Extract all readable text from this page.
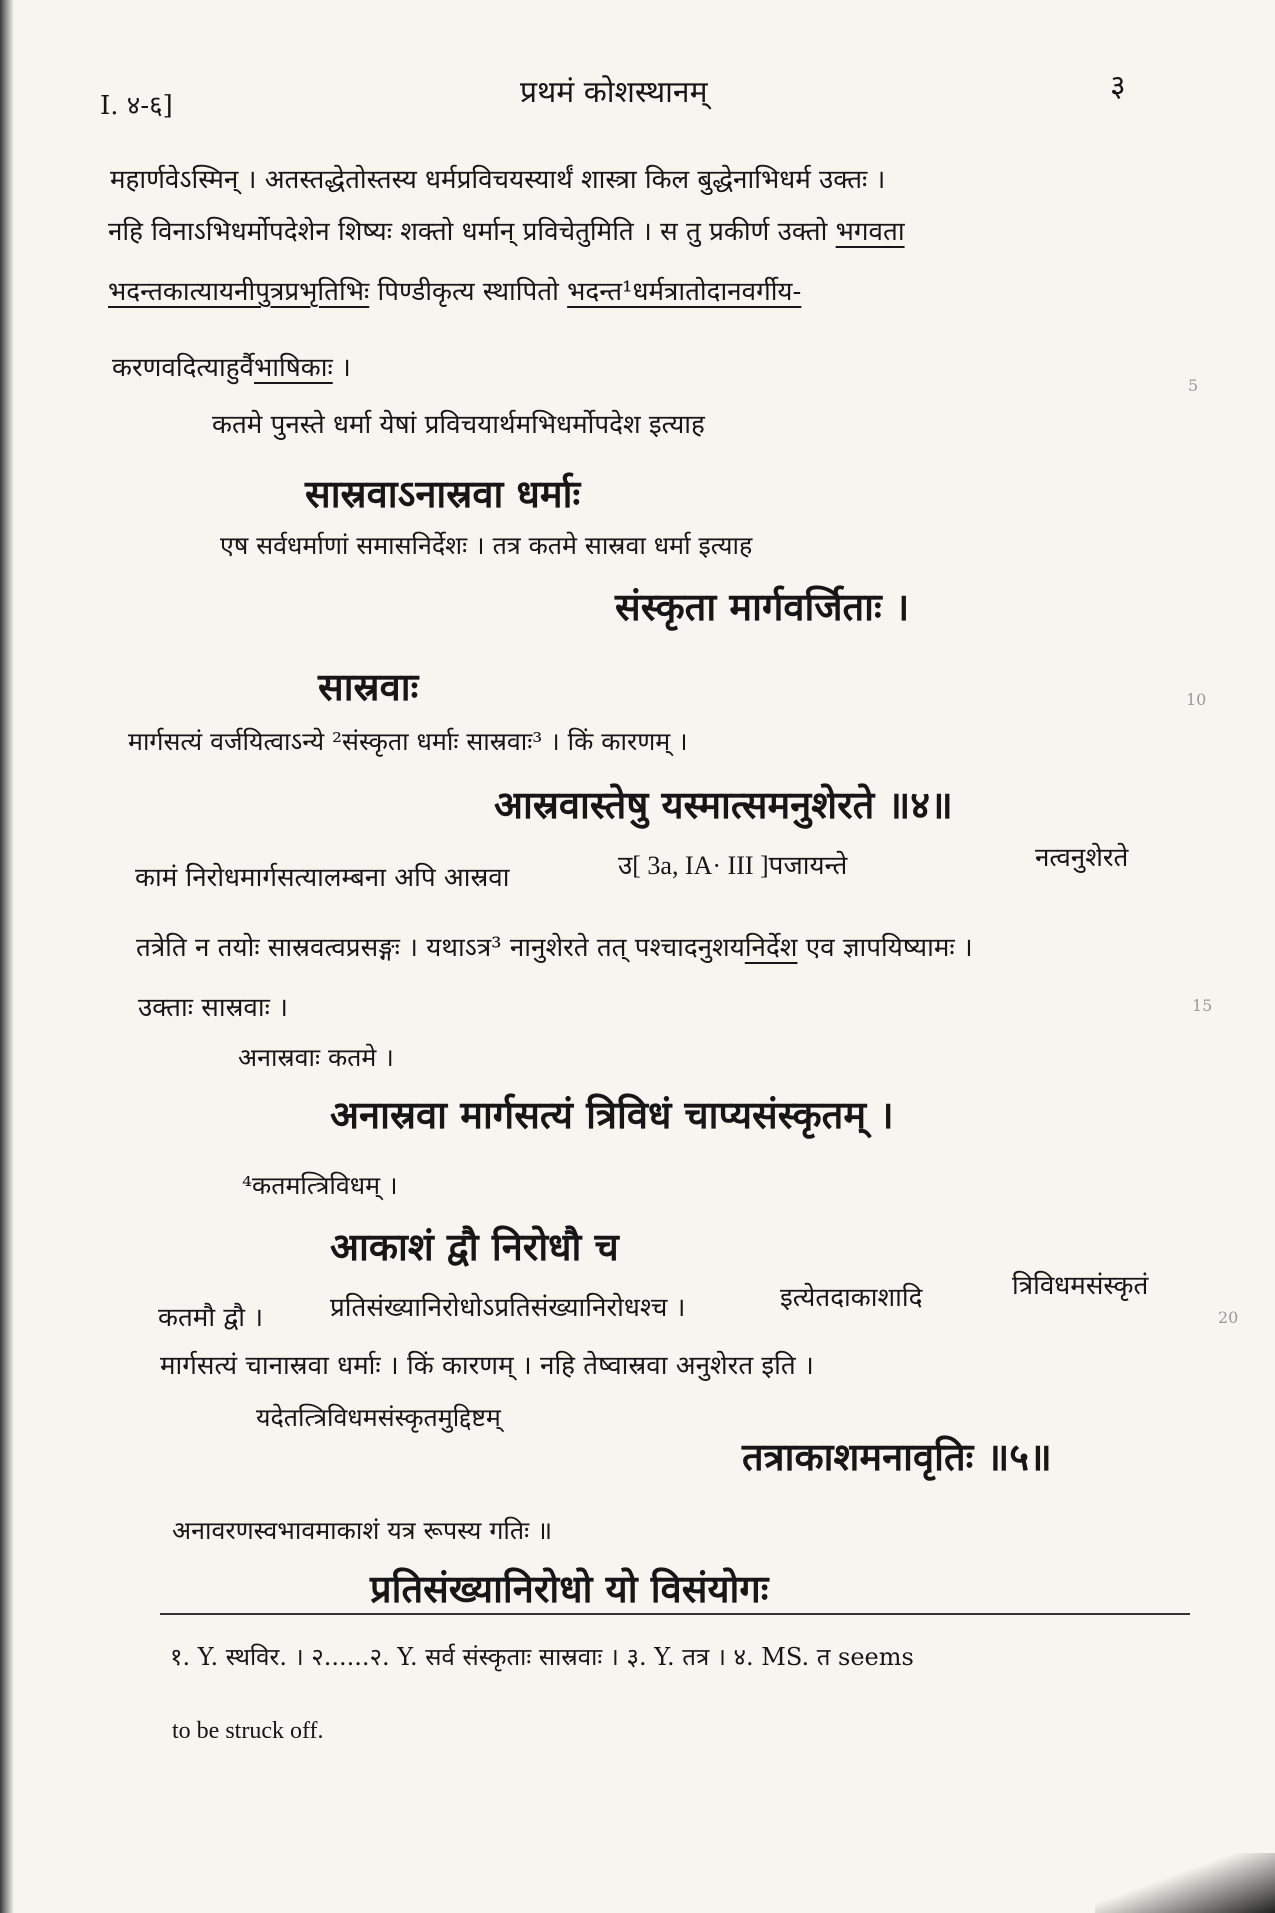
I. ४-६]	प्रथमं कोशस्थानम्	३
महार्णवेऽस्मिन् । अतस्तद्धेतोस्तस्य धर्मप्रविचयस्यार्थं शास्त्रा किल बुद्धेनाभिधर्म उक्तः ।
नहि विनाऽभिधर्मोपदेशेन शिष्यः शक्तो धर्मान् प्रविचेतुमिति । स तु प्रकीर्ण उक्तो भगवता
भदन्तकात्यायनीपुत्रप्रभृतिभिः पिण्डीकृत्य स्थापितो भदन्त¹धर्मत्रातोदानवर्गीय-
करणवदित्याहुर्वैभाषिकाः ।
कतमे पुनस्ते धर्मा येषां प्रविचयार्थमभिधर्मोपदेश इत्याह
सास्रवाऽनास्रवा धर्माः
एष सर्वधर्माणां समासनिर्देशः । तत्र कतमे सास्रवा धर्मा इत्याह
संस्कृता मार्गवर्जिताः ।
सास्रवाः
मार्गसत्यं वर्जयित्वाऽन्ये ²संस्कृता धर्माः सास्रवाः³ । किं कारणम् ।
आस्रवास्तेषु यस्मात्समनुशेरते ॥४॥
कामं निरोधमार्गसत्यालम्बना अपि आस्रवा	उ[ 3a, IA· III ]पजायन्ते	नत्वनुशेरते
तत्रेति न तयोः सास्रवत्वप्रसङ्गः । यथाऽत्र³ नानुशेरते तत् पश्चादनुशयनिर्देश एव ज्ञापयिष्यामः ।
उक्ताः सास्रवाः ।
अनास्रवाः कतमे ।
अनास्रवा मार्गसत्यं त्रिविधं चाप्यसंस्कृतम् ।
⁴कतमत्त्रिविधम् ।
आकाशं द्वौ निरोधौ च
कतमौ द्वौ ।	प्रतिसंख्यानिरोधोऽप्रतिसंख्यानिरोधश्च ।	इत्येतदाकाशादि	त्रिविधमसंस्कृतं
मार्गसत्यं चानास्रवा धर्माः । किं कारणम् । नहि तेष्वास्रवा अनुशेरत इति ।
यदेतत्त्रिविधमसंस्कृतमुद्दिष्टम्
तत्राकाशमनावृतिः ॥५॥
अनावरणस्वभावमाकाशं यत्र रूपस्य गतिः ॥
प्रतिसंख्यानिरोधो यो विसंयोगः
१. Y. स्थविर. । २......२. Y. सर्व संस्कृताः सास्रवाः । ३. Y. तत्र । ४. MS. त seems
to be struck off.
5
10
15
20
